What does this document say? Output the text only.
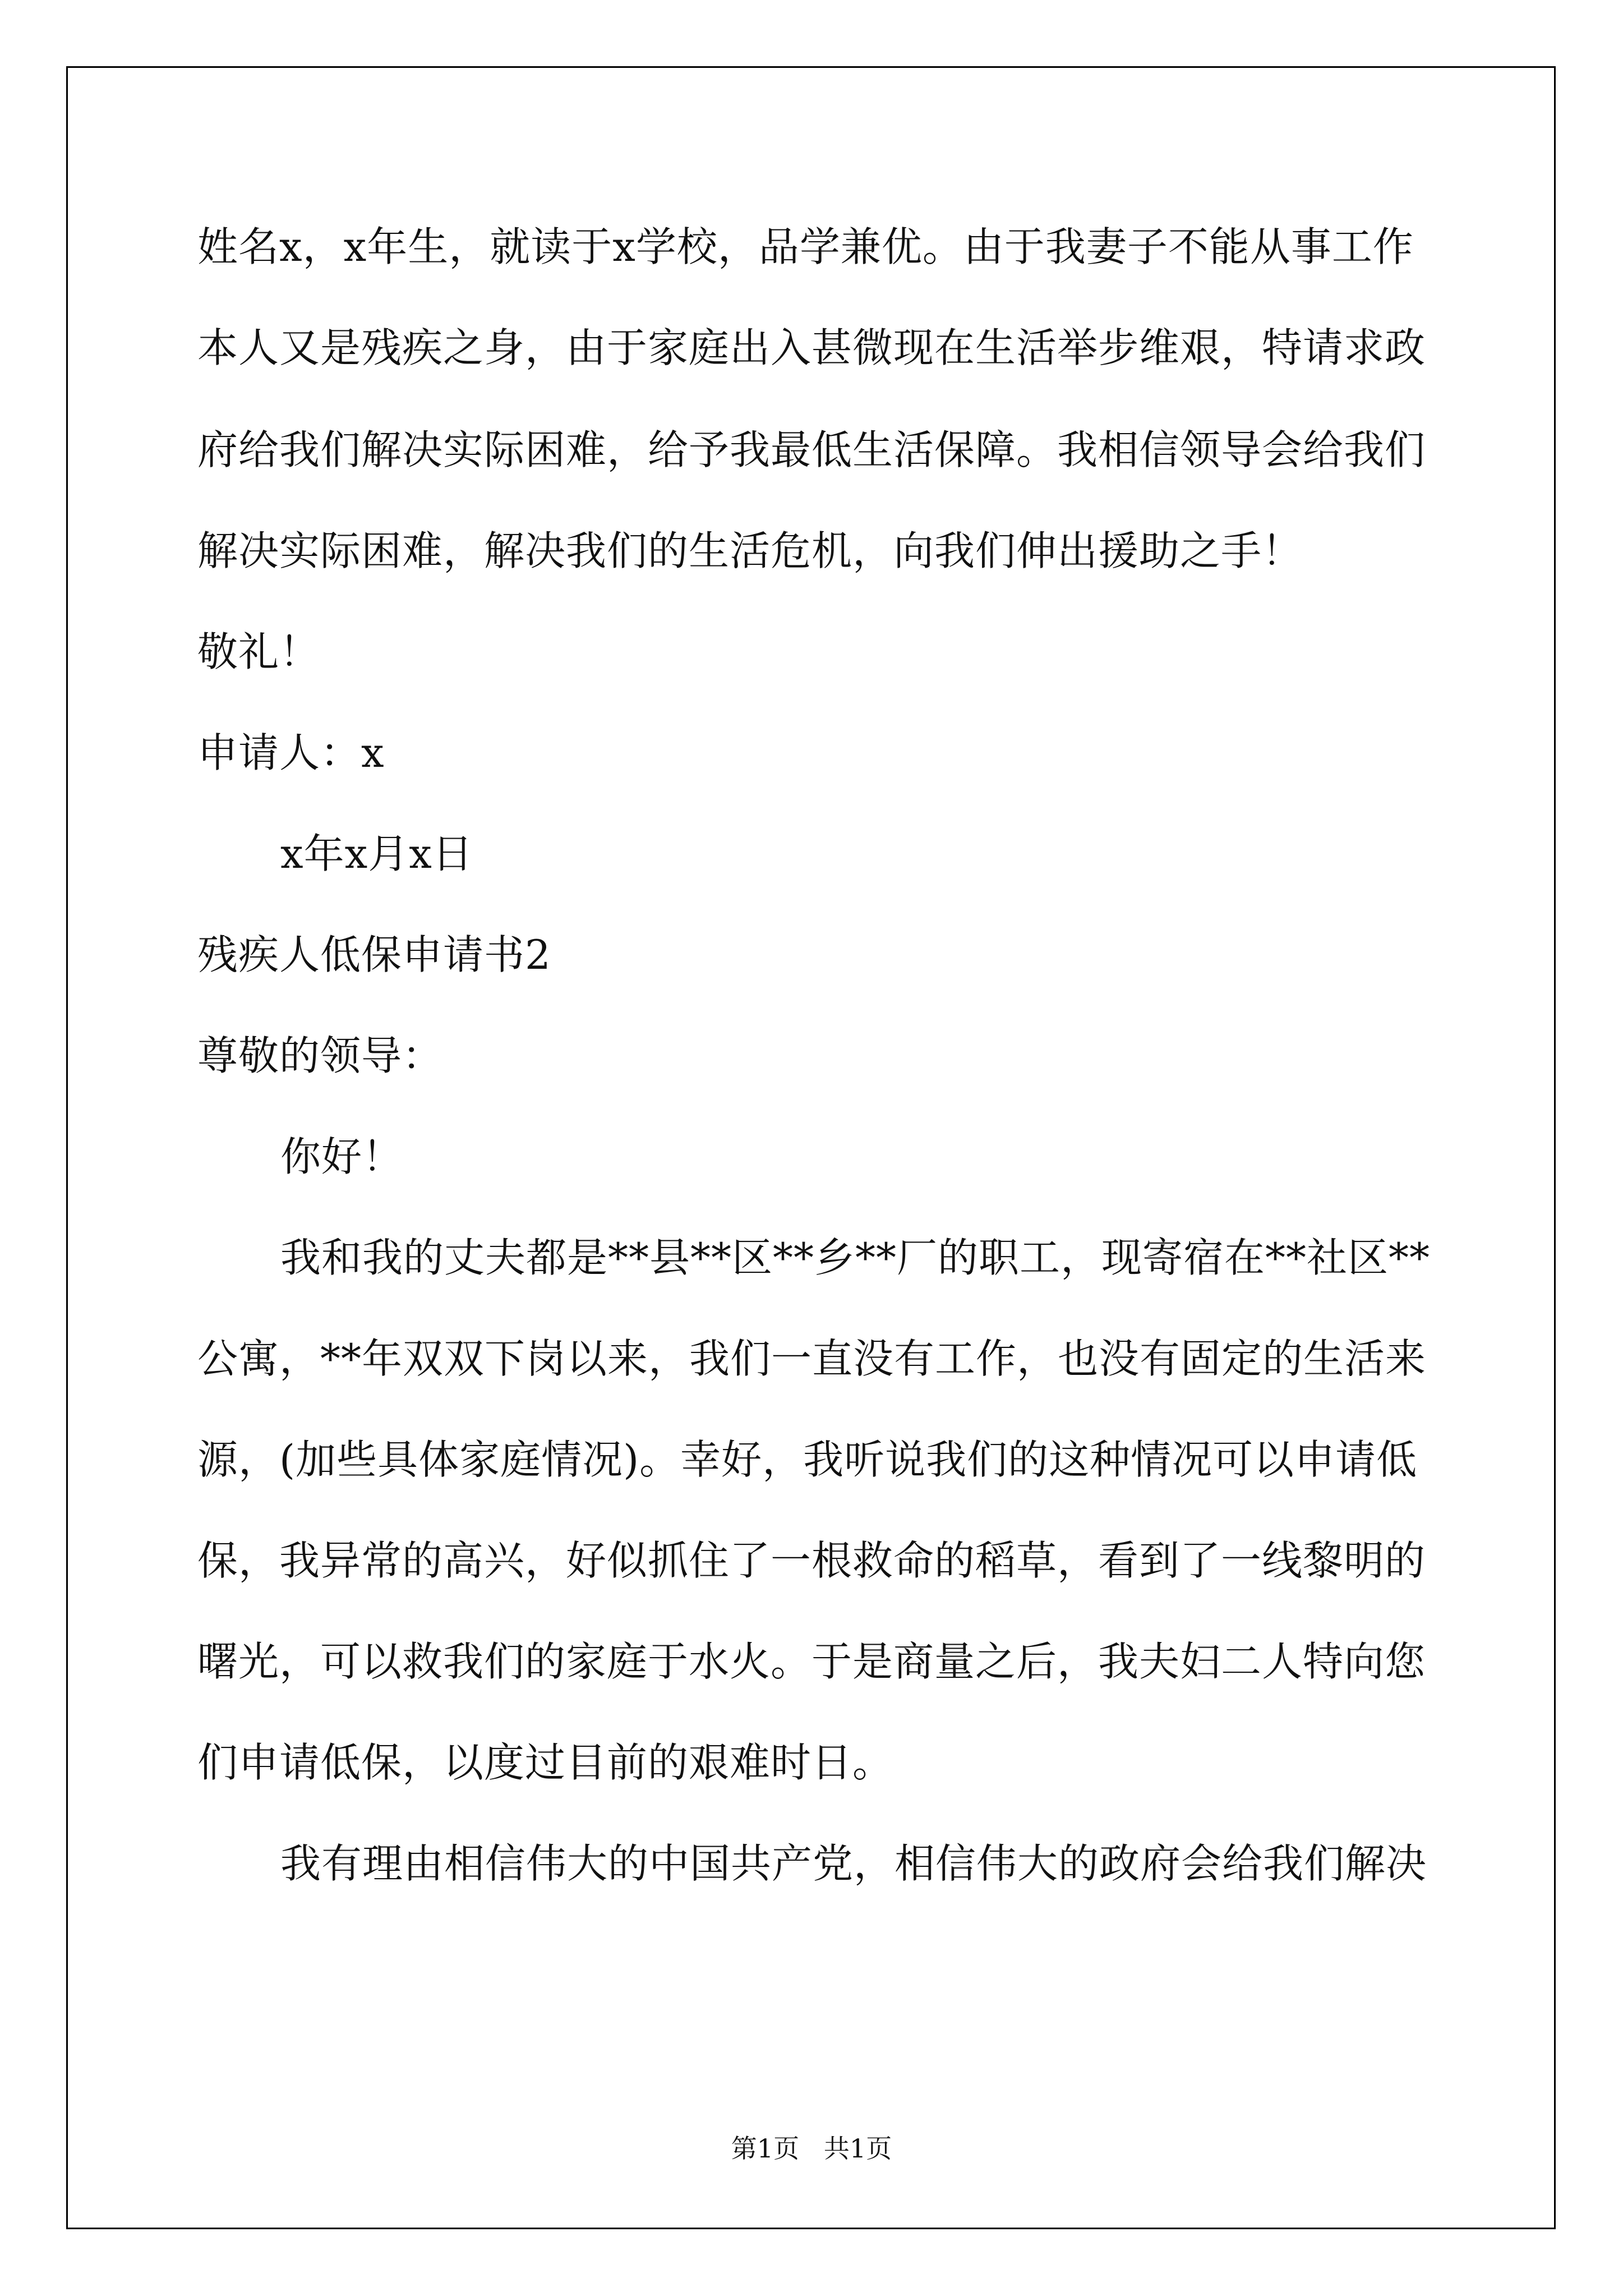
姓名x，x年生，就读于x学校，品学兼优。由于我妻子不能从事工作
本人又是残疾之身，由于家庭出入甚微现在生活举步维艰，特请求政
府给我们解决实际困难，给予我最低生活保障。我相信领导会给我们
解决实际困难，解决我们的生活危机，向我们伸出援助之手！
敬礼！
申请人：x
x年x月x日
残疾人低保申请书2
尊敬的领导：
你好！
我和我的丈夫都是**县**区**乡**厂的职工，现寄宿在**社区**
公寓，**年双双下岗以来，我们一直没有工作，也没有固定的生活来
源，(加些具体家庭情况)。幸好，我听说我们的这种情况可以申请低
保，我异常的高兴，好似抓住了一根救命的稻草，看到了一线黎明的
曙光，可以救我们的家庭于水火。于是商量之后，我夫妇二人特向您
们申请低保，以度过目前的艰难时日。
我有理由相信伟大的中国共产党，相信伟大的政府会给我们解决
第1页   共1页
